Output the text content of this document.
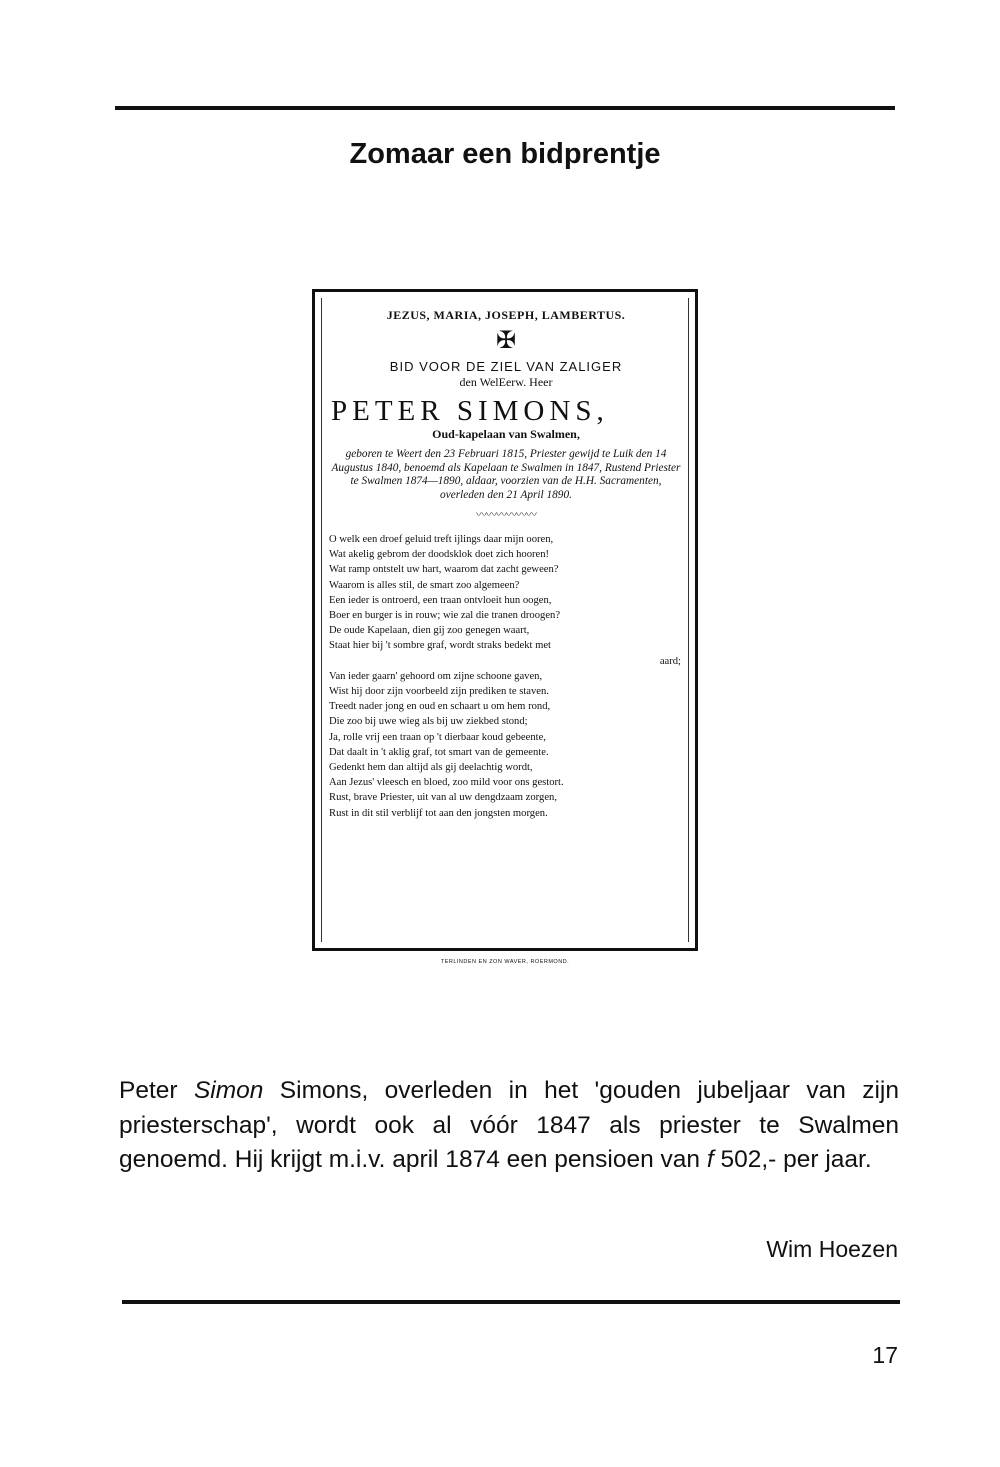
Zomaar een bidprentje
JEZUS, MARIA, JOSEPH, LAMBERTUS.
✠
BID VOOR DE ZIEL VAN ZALIGER
den WelEerw. Heer
PETER SIMONS,
Oud-kapelaan van Swalmen,
geboren te Weert den 23 Februari 1815, Priester gewijd te Luik den 14 Augustus 1840, benoemd als Kapelaan te Swalmen in 1847, Rustend Priester te Swalmen 1874—1890, aldaar, voorzien van de H.H. Sacramenten, overleden den 21 April 1890.
〰〰〰〰〰〰
O welk een droef geluid treft ijlings daar mijn ooren,
Wat akelig gebrom der doodsklok doet zich hooren!
Wat ramp ontstelt uw hart, waarom dat zacht geween?
Waarom is alles stil, de smart zoo algemeen?
Een ieder is ontroerd, een traan ontvloeit hun oogen,
Boer en burger is in rouw; wie zal die tranen droogen?
De oude Kapelaan, dien gij zoo genegen waart,
Staat hier bij 't sombre graf, wordt straks bedekt met
aard;
Van ieder gaarn' gehoord om zijne schoone gaven,
Wist hij door zijn voorbeeld zijn prediken te staven.
Treedt nader jong en oud en schaart u om hem rond,
Die zoo bij uwe wieg als bij uw ziekbed stond;
Ja, rolle vrij een traan op 't dierbaar koud gebeente,
Dat daalt in 't aklig graf, tot smart van de gemeente.
Gedenkt hem dan altijd als gij deelachtig wordt,
Aan Jezus' vleesch en bloed, zoo mild voor ons gestort.
Rust, brave Priester, uit van al uw dengdzaam zorgen,
Rust in dit stil verblijf tot aan den jongsten morgen.
TERLINDEN EN ZON WAVER, ROERMOND.

Peter Simon Simons, overleden in het 'gouden jubeljaar van zijn priesterschap', wordt ook al vóór 1847 als priester te Swalmen genoemd. Hij krijgt m.i.v. april 1874 een pensioen van f 502,- per jaar.

Wim Hoezen
17
